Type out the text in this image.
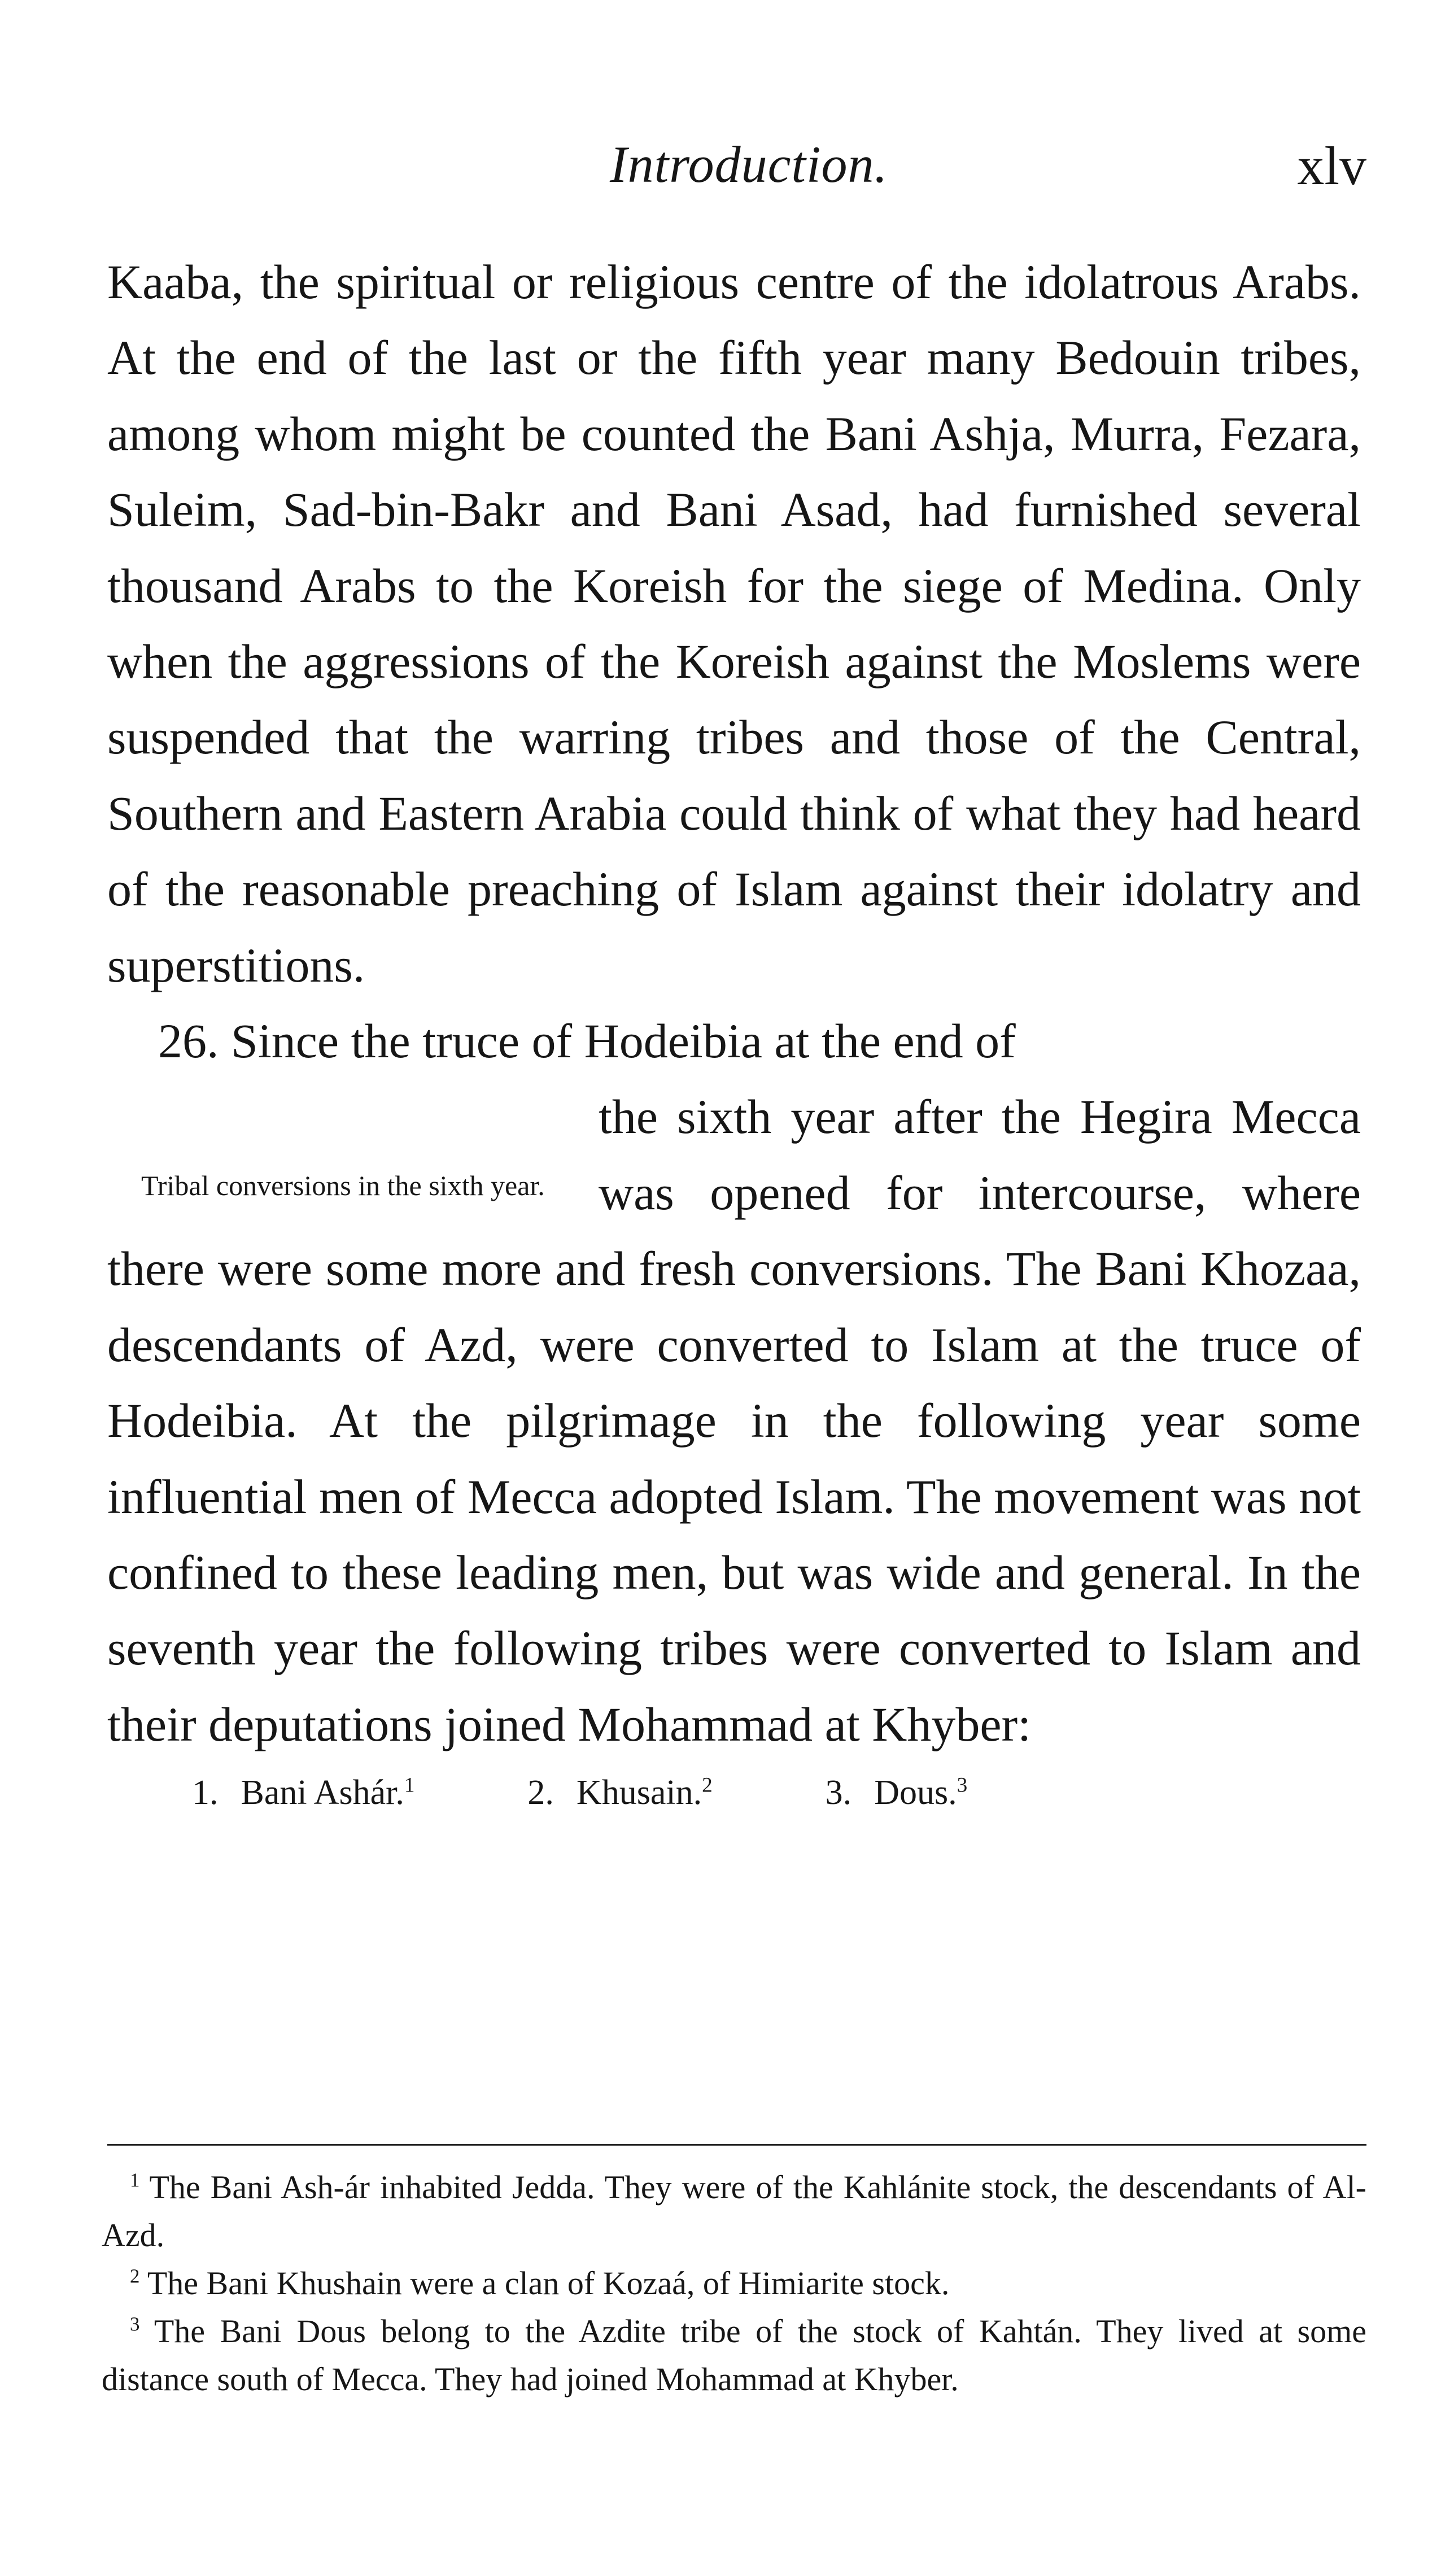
Introduction.	xlv

Kaaba, the spiritual or religious centre of the idolatrous Arabs. At the end of the last or the fifth year many Bedouin tribes, among whom might be counted the Bani Ashja, Murra, Fezara, Suleim, Sad-bin-Bakr and Bani Asad, had furnished several thousand Arabs to the Koreish for the siege of Medina. Only when the aggressions of the Koreish against the Moslems were suspended that the warring tribes and those of the Central, Southern and Eastern Arabia could think of what they had heard of the reasonable preaching of Islam against their idolatry and superstitions.

26. Since the truce of Hodeibia at the end of

Tribal conversions in the sixth year.

the sixth year after the Hegira Mecca was opened for intercourse, where there were some more and fresh conversions. The Bani Khozaa, descendants of Azd, were converted to Islam at the truce of Hodeibia. At the pilgrimage in the following year some influential men of Mecca adopted Islam. The movement was not confined to these leading men, but was wide and general. In the seventh year the following tribes were converted to Islam and their deputations joined Mohammad at Khyber:

1. Bani Ashár.$^1$	2. Khusain.$^2$	3. Dous.$^3$

$^1$ The Bani Ash-ár inhabited Jedda. They were of the Kahlánite stock, the descendants of Al-Azd.

$^2$ The Bani Khushain were a clan of Kozaá, of Himiarite stock.

$^3$ The Bani Dous belong to the Azdite tribe of the stock of Kahtán. They lived at some distance south of Mecca. They had joined Mohammad at Khyber.
